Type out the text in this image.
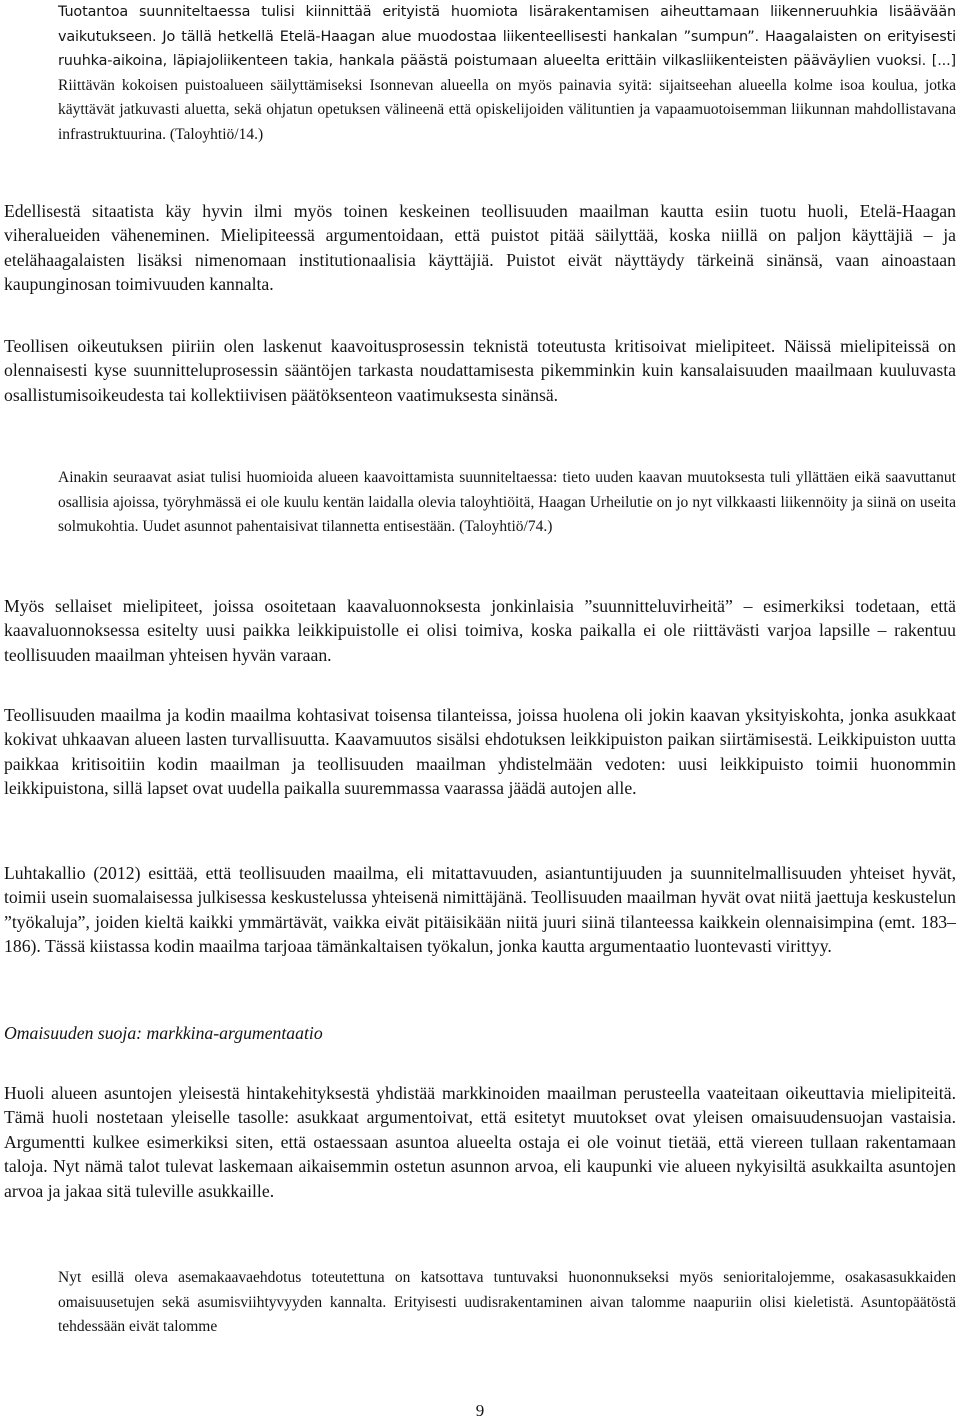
Tuotantoa suunniteltaessa tulisi kiinnittää erityistä huomiota lisärakentamisen aiheuttamaan liikenneruuhkia lisäävään vaikutukseen. Jo tällä hetkellä Etelä-Haagan alue muodostaa liikenteellisesti hankalan ”sumpun”. Haagalaisten on erityisesti ruuhka-aikoina, läpiajoliikenteen takia, hankala päästä poistumaan alueelta erittäin vilkasliikenteisten pääväylien vuoksi. [...] Riittävän kokoisen puistoalueen säilyttämiseksi Isonnevan alueella on myös painavia syitä: sijaitseehan alueella kolme isoa koulua, jotka käyttävät jatkuvasti aluetta, sekä ohjatun opetuksen välineenä että opiskelijoiden välituntien ja vapaamuotoisemman liikunnan mahdollistavana infrastruktuurina. (Taloyhtiö/14.)

Edellisestä sitaatista käy hyvin ilmi myös toinen keskeinen teollisuuden maailman kautta esiin tuotu huoli, Etelä-Haagan viheralueiden väheneminen. Mielipiteessä argumentoidaan, että puistot pitää säilyttää, koska niillä on paljon käyttäjiä – ja etelähaagalaisten lisäksi nimenomaan institutionaalisia käyttäjiä. Puistot eivät näyttäydy tärkeinä sinänsä, vaan ainoastaan kaupunginosan toimivuuden kannalta.

Teollisen oikeutuksen piiriin olen laskenut kaavoitusprosessin teknistä toteutusta kritisoivat mielipiteet. Näissä mielipiteissä on olennaisesti kyse suunnitteluprosessin sääntöjen tarkasta noudattamisesta pikemminkin kuin kansalaisuuden maailmaan kuuluvasta osallistumisoikeudesta tai kollektiivisen päätöksenteon vaatimuksesta sinänsä.

Ainakin seuraavat asiat tulisi huomioida alueen kaavoittamista suunniteltaessa: tieto uuden kaavan muutoksesta tuli yllättäen eikä saavuttanut osallisia ajoissa, työryhmässä ei ole kuulu kentän laidalla olevia taloyhtiöitä, Haagan Urheilutie on jo nyt vilkkaasti liikennöity ja siinä on useita solmukohtia. Uudet asunnot pahentaisivat tilannetta entisestään. (Taloyhtiö/74.)

Myös sellaiset mielipiteet, joissa osoitetaan kaavaluonnoksesta jonkinlaisia ”suunnitteluvirheitä” – esimerkiksi todetaan, että kaavaluonnoksessa esitelty uusi paikka leikkipuistolle ei olisi toimiva, koska paikalla ei ole riittävästi varjoa lapsille – rakentuu teollisuuden maailman yhteisen hyvän varaan.

Teollisuuden maailma ja kodin maailma kohtasivat toisensa tilanteissa, joissa huolena oli jokin kaavan yksityiskohta, jonka asukkaat kokivat uhkaavan alueen lasten turvallisuutta. Kaavamuutos sisälsi ehdotuksen leikkipuiston paikan siirtämisestä. Leikkipuiston uutta paikkaa kritisoitiin kodin maailman ja teollisuuden maailman yhdistelmään vedoten: uusi leikkipuisto toimii huonommin leikkipuistona, sillä lapset ovat uudella paikalla suuremmassa vaarassa jäädä autojen alle.

Luhtakallio (2012) esittää, että teollisuuden maailma, eli mitattavuuden, asiantuntijuuden ja suunnitelmallisuuden yhteiset hyvät, toimii usein suomalaisessa julkisessa keskustelussa yhteisenä nimittäjänä. Teollisuuden maailman hyvät ovat niitä jaettuja keskustelun ”työkaluja”, joiden kieltä kaikki ymmärtävät, vaikka eivät pitäisikään niitä juuri siinä tilanteessa kaikkein olennaisimpina (emt. 183–186). Tässä kiistassa kodin maailma tarjoaa tämänkaltaisen työkalun, jonka kautta argumentaatio luontevasti virittyy.

Omaisuuden suoja: markkina-argumentaatio

Huoli alueen asuntojen yleisestä hintakehityksestä yhdistää markkinoiden maailman perusteella vaateitaan oikeuttavia mielipiteitä. Tämä huoli nostetaan yleiselle tasolle: asukkaat argumentoivat, että esitetyt muutokset ovat yleisen omaisuudensuojan vastaisia. Argumentti kulkee esimerkiksi siten, että ostaessaan asuntoa alueelta ostaja ei ole voinut tietää, että viereen tullaan rakentamaan taloja. Nyt nämä talot tulevat laskemaan aikaisemmin ostetun asunnon arvoa, eli kaupunki vie alueen nykyisiltä asukkailta asuntojen arvoa ja jakaa sitä tuleville asukkaille.

Nyt esillä oleva asemakaavaehdotus toteutettuna on katsottava tuntuvaksi huononnukseksi myös senioritalojemme, osakasasukkaiden omaisuusetujen sekä asumisviihtyvyyden kannalta. Erityisesti uudisrakentaminen aivan talomme naapuriin olisi kieletistä. Asuntopäätöstä tehdessään eivät talomme

9
